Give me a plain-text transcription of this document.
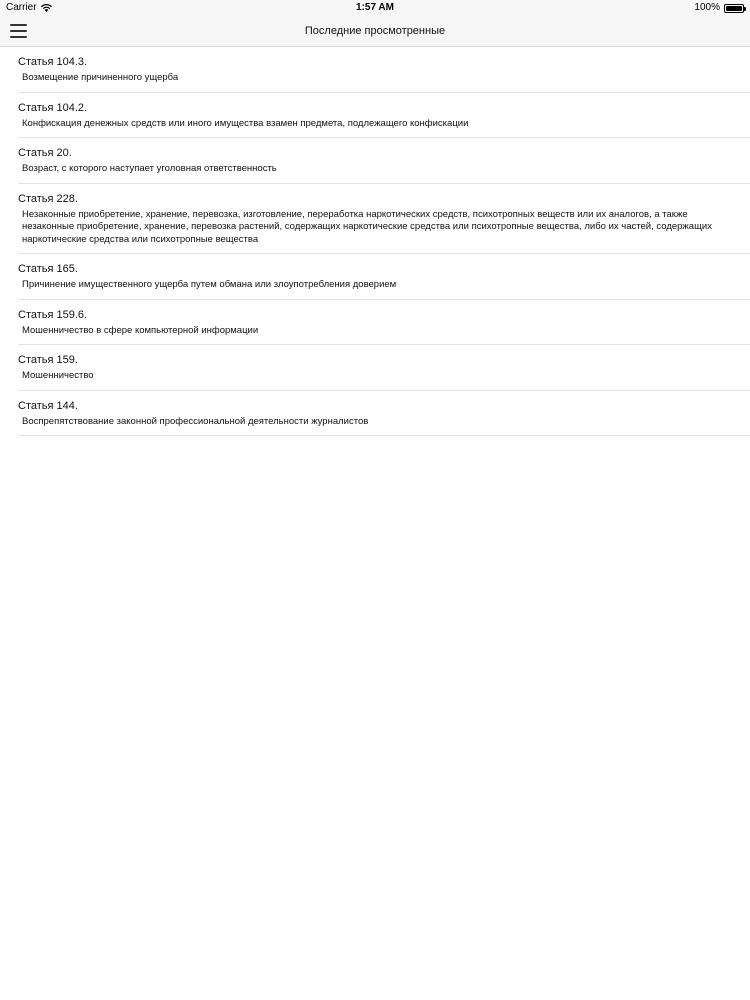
Carrier	1:57 AM	100%
Последние просмотренные
Статья 104.3.
Возмещение причиненного ущерба
Статья 104.2.
Конфискация денежных средств или иного имущества взамен предмета, подлежащего конфискации
Статья 20.
Возраст, с которого наступает уголовная ответственность
Статья 228.
Незаконные приобретение, хранение, перевозка, изготовление, переработка наркотических средств, психотропных веществ или их аналогов, а также незаконные приобретение, хранение, перевозка растений, содержащих наркотические средства или психотропные вещества, либо их частей, содержащих наркотические средства или психотропные вещества
Статья 165.
Причинение имущественного ущерба путем обмана или злоупотребления доверием
Статья 159.6.
Мошенничество в сфере компьютерной информации
Статья 159.
Мошенничество
Статья 144.
Воспрепятствование законной профессиональной деятельности журналистов
